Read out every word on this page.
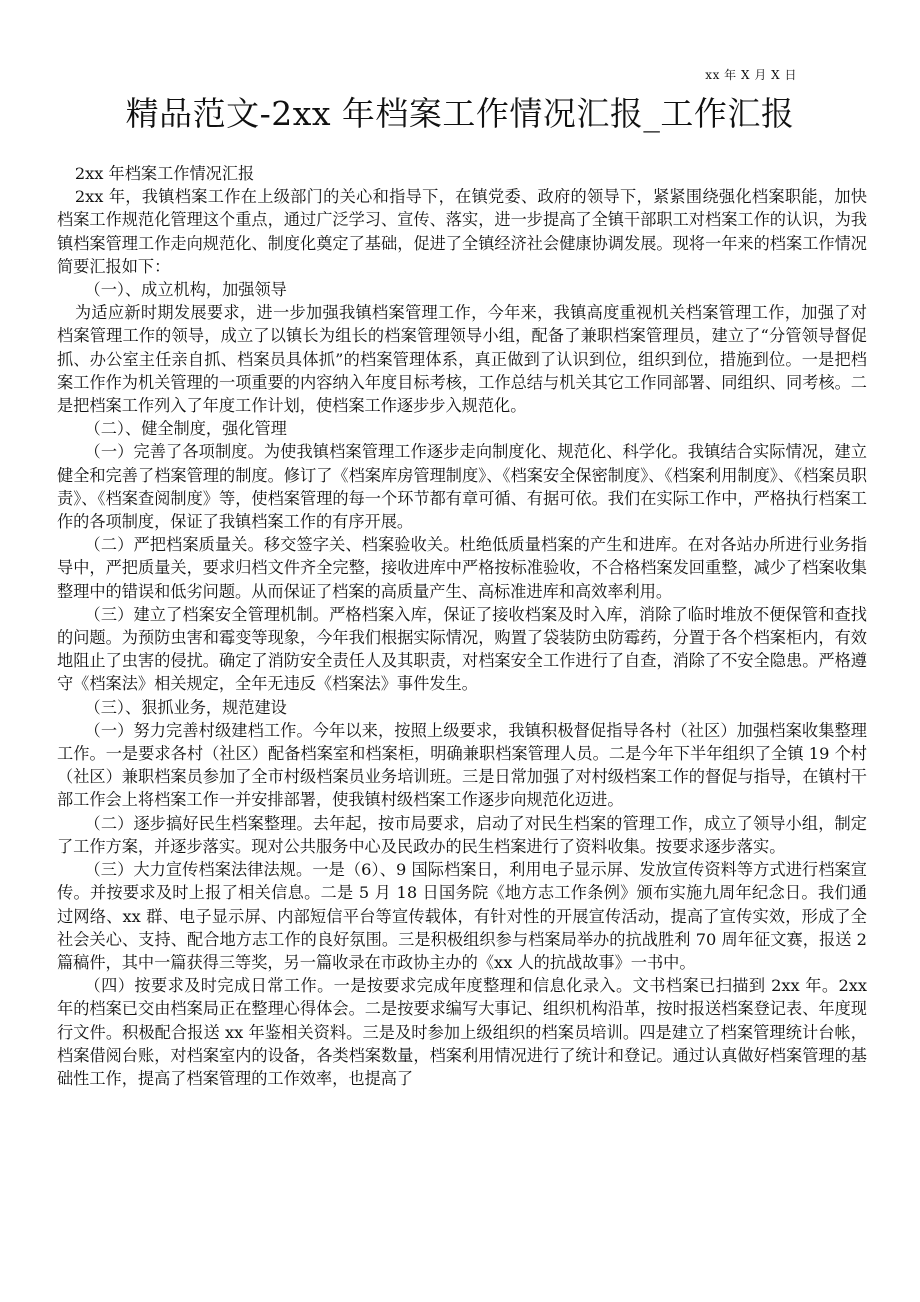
xx 年 X 月 X 日
精品范文-2xx 年档案工作情况汇报_工作汇报

2xx 年档案工作情况汇报

2xx 年，我镇档案工作在上级部门的关心和指导下，在镇党委、政府的领导下，紧紧围绕强化档案职能，加快档案工作规范化管理这个重点，通过广泛学习、宣传、落实，进一步提高了全镇干部职工对档案工作的认识，为我镇档案管理工作走向规范化、制度化奠定了基础，促进了全镇经济社会健康协调发展。现将一年来的档案工作情况简要汇报如下：

（一）、成立机构，加强领导

为适应新时期发展要求，进一步加强我镇档案管理工作，今年来，我镇高度重视机关档案管理工作，加强了对档案管理工作的领导，成立了以镇长为组长的档案管理领导小组，配备了兼职档案管理员，建立了“分管领导督促抓、办公室主任亲自抓、档案员具体抓”的档案管理体系，真正做到了认识到位，组织到位，措施到位。一是把档案工作作为机关管理的一项重要的内容纳入年度目标考核，工作总结与机关其它工作同部署、同组织、同考核。二是把档案工作列入了年度工作计划，使档案工作逐步步入规范化。

（二）、健全制度，强化管理

（一）完善了各项制度。为使我镇档案管理工作逐步走向制度化、规范化、科学化。我镇结合实际情况，建立健全和完善了档案管理的制度。修订了《档案库房管理制度》、《档案安全保密制度》、《档案利用制度》、《档案员职责》、《档案查阅制度》等，使档案管理的每一个环节都有章可循、有据可依。我们在实际工作中，严格执行档案工作的各项制度，保证了我镇档案工作的有序开展。

（二）严把档案质量关。移交签字关、档案验收关。杜绝低质量档案的产生和进库。在对各站办所进行业务指导中，严把质量关，要求归档文件齐全完整，接收进库中严格按标准验收，不合格档案发回重整，减少了档案收集整理中的错误和低劣问题。从而保证了档案的高质量产生、高标准进库和高效率利用。

（三）建立了档案安全管理机制。严格档案入库，保证了接收档案及时入库，消除了临时堆放不便保管和查找的问题。为预防虫害和霉变等现象，今年我们根据实际情况，购置了袋装防虫防霉药，分置于各个档案柜内，有效地阻止了虫害的侵扰。确定了消防安全责任人及其职责，对档案安全工作进行了自查，消除了不安全隐患。严格遵守《档案法》相关规定，全年无违反《档案法》事件发生。

（三）、狠抓业务，规范建设

（一）努力完善村级建档工作。今年以来，按照上级要求，我镇积极督促指导各村（社区）加强档案收集整理工作。一是要求各村（社区）配备档案室和档案柜，明确兼职档案管理人员。二是今年下半年组织了全镇 19 个村（社区）兼职档案员参加了全市村级档案员业务培训班。三是日常加强了对村级档案工作的督促与指导，在镇村干部工作会上将档案工作一并安排部署，使我镇村级档案工作逐步向规范化迈进。

（二）逐步搞好民生档案整理。去年起，按市局要求，启动了对民生档案的管理工作，成立了领导小组，制定了工作方案，并逐步落实。现对公共服务中心及民政办的民生档案进行了资料收集。按要求逐步落实。

（三）大力宣传档案法律法规。一是（6）、9 国际档案日，利用电子显示屏、发放宣传资料等方式进行档案宣传。并按要求及时上报了相关信息。二是 5 月 18 日国务院《地方志工作条例》颁布实施九周年纪念日。我们通过网络、xx 群、电子显示屏、内部短信平台等宣传载体，有针对性的开展宣传活动，提高了宣传实效，形成了全社会关心、支持、配合地方志工作的良好氛围。三是积极组织参与档案局举办的抗战胜利 70 周年征文赛，报送 2 篇稿件，其中一篇获得三等奖，另一篇收录在市政协主办的《xx 人的抗战故事》一书中。

（四）按要求及时完成日常工作。一是按要求完成年度整理和信息化录入。文书档案已扫描到 2xx 年。2xx 年的档案已交由档案局正在整理心得体会。二是按要求编写大事记、组织机构沿革，按时报送档案登记表、年度现行文件。积极配合报送 xx 年鉴相关资料。三是及时参加上级组织的档案员培训。四是建立了档案管理统计台帐，档案借阅台账，对档案室内的设备，各类档案数量，档案利用情况进行了统计和登记。通过认真做好档案管理的基础性工作，提高了档案管理的工作效率，也提高了
